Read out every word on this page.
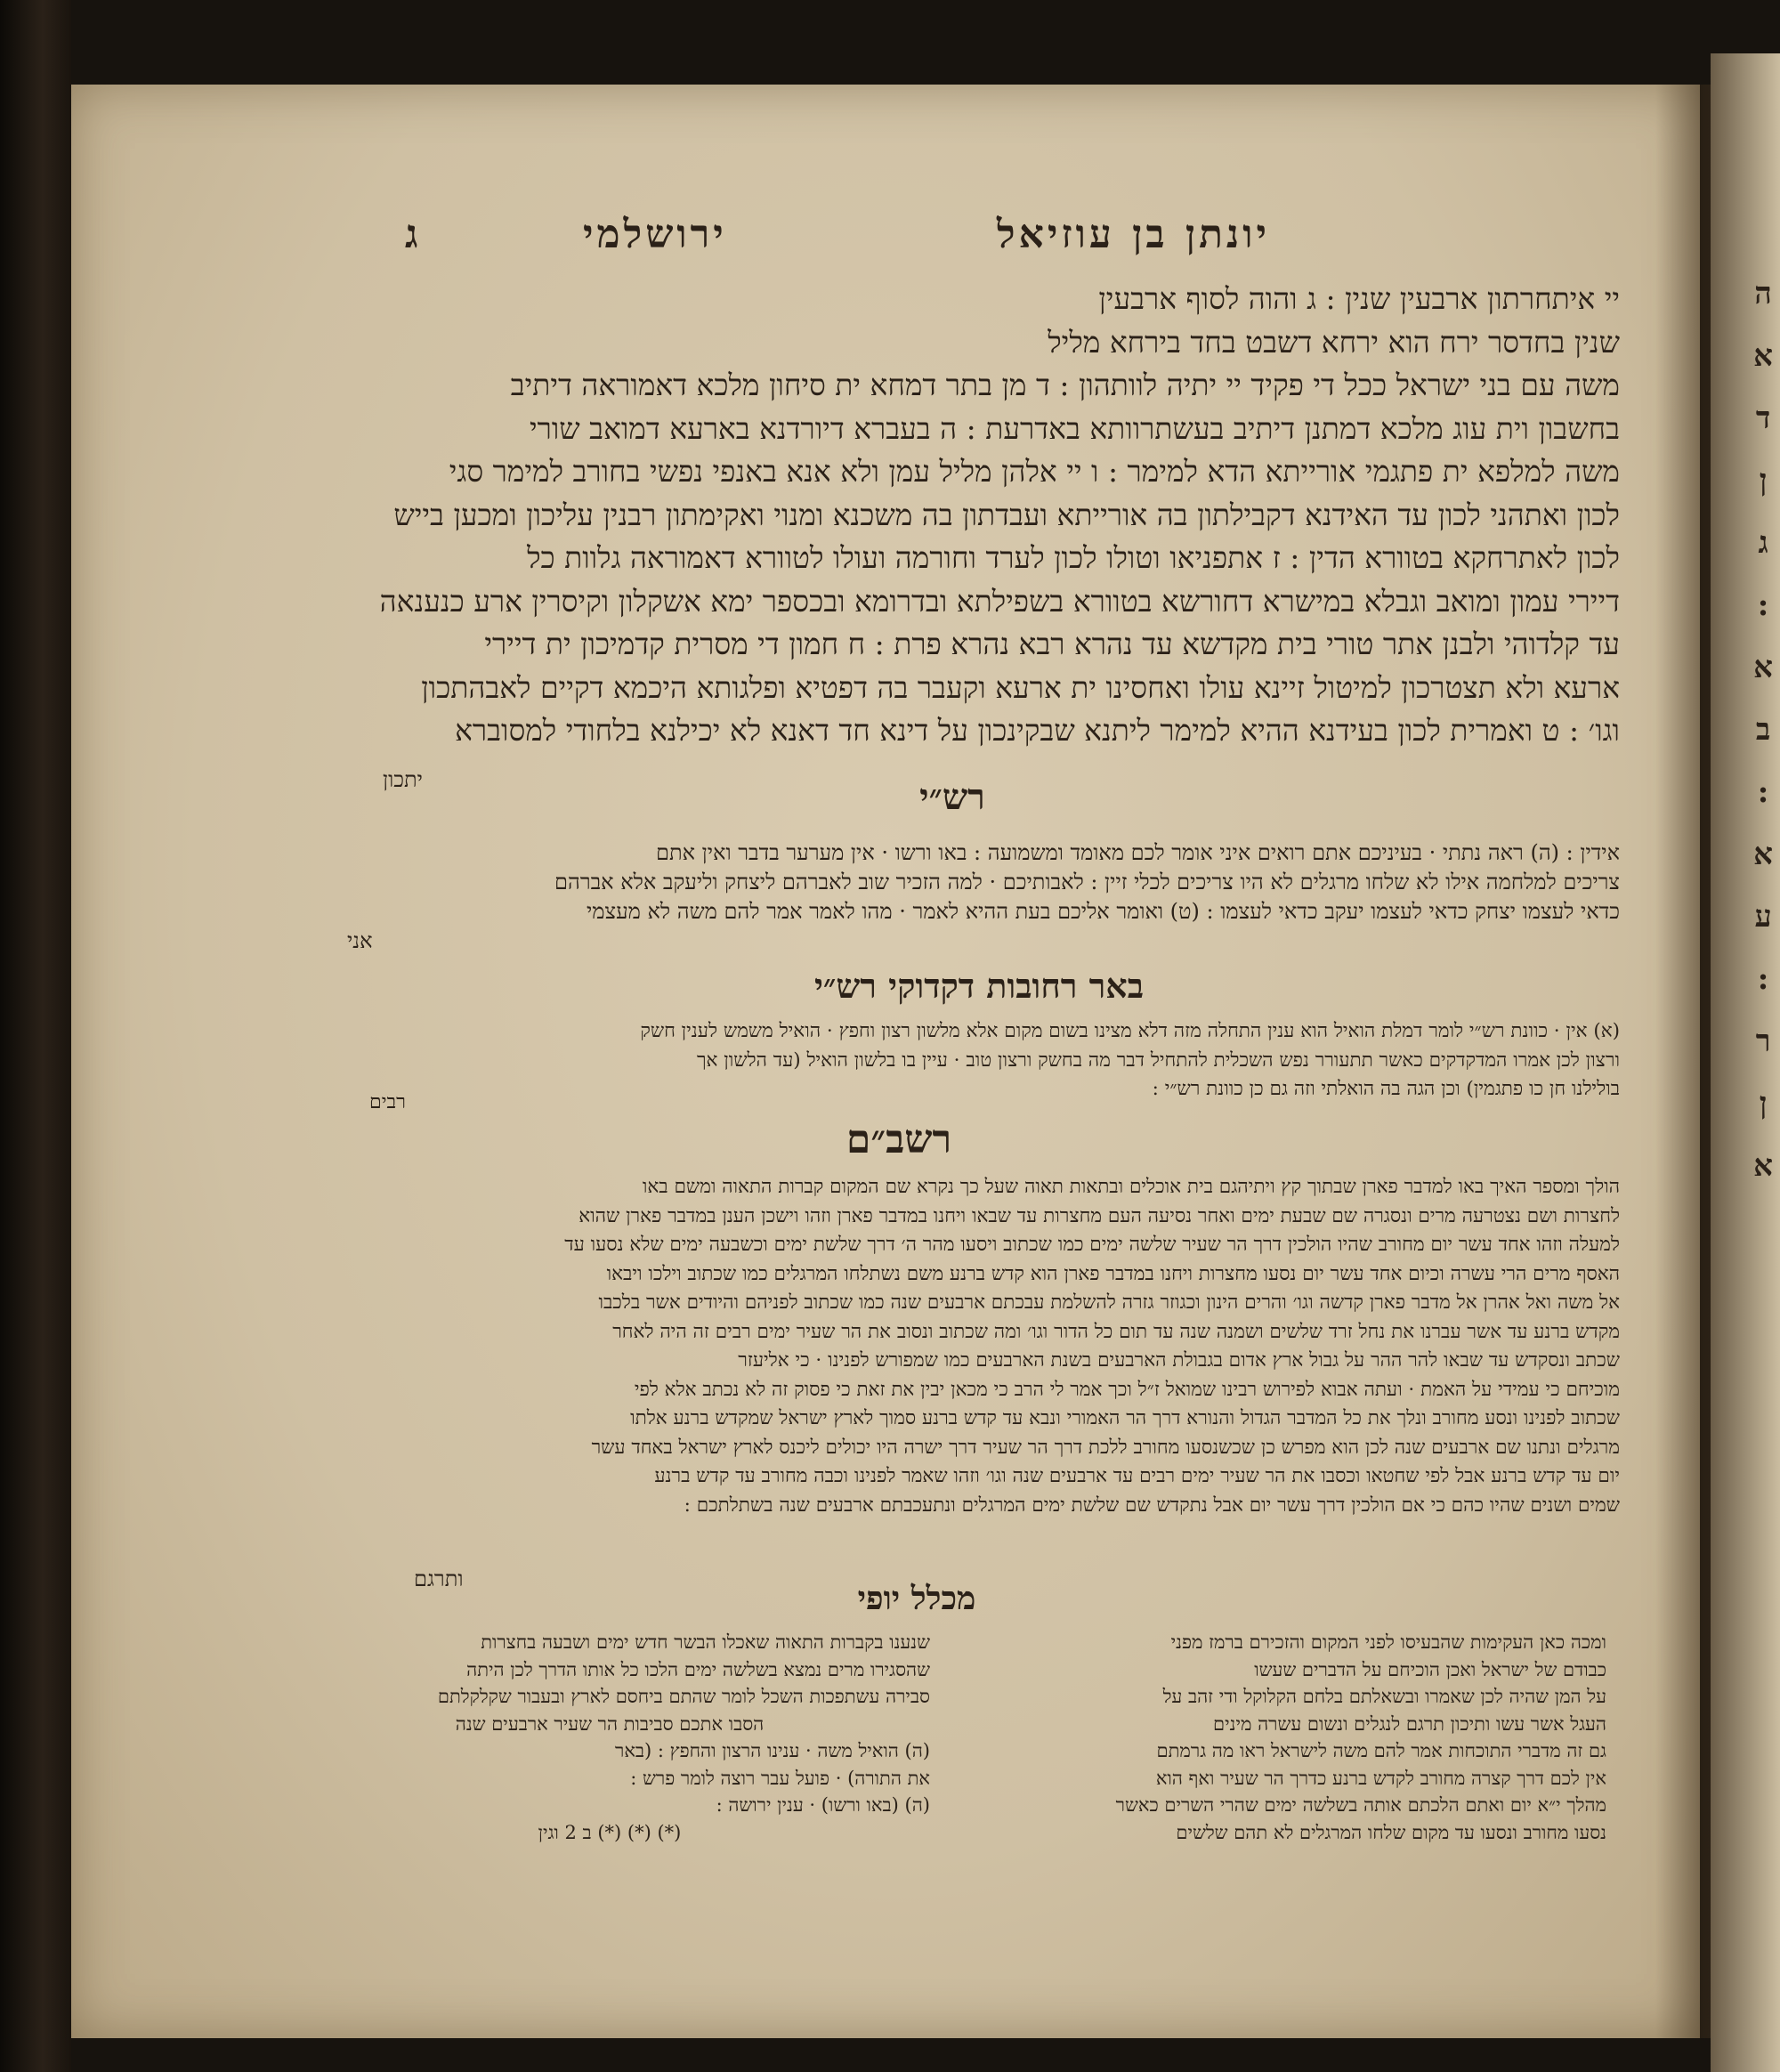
יונתן בן עוזיאל
ירושלמי
ג

יי איתחרתון ארבעין שנין : ג והוה לסוף ארבעין

שנין בחדסר ירח הוא ירחא דשבט בחד בירחא מליל

משה עם בני ישראל ככל די פקיד יי יתיה לוותהון : ד מן בתר דמחא ית סיחון מלכא דאמוראה דיתיב

בחשבון וית עוג מלכא דמתנן דיתיב בעשתרוותא באדרעת : ה בעברא דיורדנא בארעא דמואב שורי

משה למלפא ית פתגמי אורייתא הדא למימר : ו יי אלהן מליל עמן ולא אנא באנפי נפשי בחורב למימר סגי

לכון ואתהני לכון עד האידנא דקבילתון בה אורייתא ועבדתון בה משכנא ומנוי ואקימתון רבנין עליכון ומכען בייש

לכון לאתרחקא בטוורא הדין : ז אתפניאו וטולו לכון לערד וחורמה ועולו לטוורא דאמוראה גלוות כל

דיירי עמון ומואב וגבלא במישרא דחורשא בטוורא בשפילתא ובדרומא ובכספר ימא אשקלון וקיסרין ארע כנענאה

עד קלדוהי ולבנן אתר טורי בית מקדשא עד נהרא רבא נהרא פרת : ח חמון די מסרית קדמיכון ית דיירי

ארעא ולא תצטרכון למיטול זיינא עולו ואחסינו ית ארעא וקעבר בה דפטיא ופלגותא היכמא דקיים לאבהתכון

וגו׳ : ט ואמרית לכון בעידנא ההיא למימר ליתנא שבקינכון על דינא חד דאנא לא יכילנא בלחודי למסוברא

יתכון	רש״י

אידין : (ה) ראה נתתי · בעיניכם אתם רואים איני אומר לכם מאומד ומשמועה : באו ורשו · אין מערער בדבר ואין אתם

צריכים למלחמה אילו לא שלחו מרגלים לא היו צריכים לכלי זיין : לאבותיכם · למה הזכיר שוב לאברהם ליצחק וליעקב אלא אברהם

כדאי לעצמו יצחק כדאי לעצמו יעקב כדאי לעצמו : (ט) ואומר אליכם בעת ההיא לאמר · מהו לאמר אמר להם משה לא מעצמי

אני

באר רחובות דקדוקי רש״י

(א) אין · כוונת רש״י לומר דמלת הואיל הוא ענין התחלה מזה דלא מצינו בשום מקום אלא מלשון רצון וחפץ · הואיל משמש לענין חשק

ורצון לכן אמרו המדקדקים כאשר תתעורר נפש השכלית להתחיל דבר מה בחשק ורצון טוב · עיין בו בלשון הואיל (עד הלשון אך

בולילנו חן כו פתגמין) וכן הגה בה הואלתי וזה גם כן כוונת רש״י :

רבים
רשב״ם

הולך ומספר האיך באו למדבר פארן שבתוך קץ ויתיהגם בית אוכלים ובתאות תאוה שעל כך נקרא שם המקום קברות התאוה ומשם באו

לחצרות ושם נצטרעה מרים ונסגרה שם שבעת ימים ואחר נסיעה העם מחצרות עד שבאו ויחנו במדבר פארן וזהו וישכן הענן במדבר פארן שהוא

למעלה וזהו אחד עשר יום מחורב שהיו הולכין דרך הר שעיר שלשה ימים כמו שכתוב ויסעו מהר ה׳ דרך שלשת ימים וכשבעה ימים שלא נסעו עד

האסף מרים הרי עשרה וכיום אחד עשר יום נסעו מחצרות ויחנו במדבר פארן הוא קדש ברנע משם נשתלחו המרגלים כמו שכתוב וילכו ויבאו

אל משה ואל אהרן אל מדבר פארן קדשה וגו׳ והרים הינון וכגוזר גזרה להשלמת עבכתם ארבעים שנה כמו שכתוב לפניהם והיודים אשר בלכבו

מקדש ברנע עד אשר עברנו את נחל זרד שלשים ושמנה שנה עד תום כל הדור וגו׳ ומה שכתוב ונסוב את הר שעיר ימים רבים זה היה לאחר

שכתב ונסקדש עד שבאו להר ההר על גבול ארץ אדום בגבולת הארבעים בשנת הארבעים כמו שמפורש לפנינו · כי אליעזר

מוכיחם כי עמידי על האמת · ועתה אבוא לפירוש רבינו שמואל ז״ל וכך אמר לי הרב כי מכאן יבין את זאת כי פסוק זה לא נכתב אלא לפי

שכתוב לפנינו ונסע מחורב ונלך את כל המדבר הגדול והנורא דרך הר האמורי ונבא עד קדש ברנע סמוך לארץ ישראל שמקדש ברנע אלתו

מרגלים ונתנו שם ארבעים שנה לכן הוא מפרש כן שכשנסעו מחורב ללכת דרך הר שעיר דרך ישרה היו יכולים ליכנס לארץ ישראל באחד עשר

יום עד קדש ברנע אבל לפי שחטאו וכסבו את הר שעיר ימים רבים עד ארבעים שנה וגו׳ וזהו שאמר לפנינו וכבה מחורב עד קדש ברנע

שמים ושנים שהיו כהם כי אם הולכין דרך עשר יום אבל נתקדש שם שלשת ימים המרגלים ונתעכבתם ארבעים שנה בשתלתכם :

ותרגם
מכלל יופי

ומכה כאן העקימות שהבעיסו לפני המקום והזכירם ברמז מפני

כבודם של ישראל ואכן הוכיחם על הדברים שעשו

על המן שהיה לכן שאמרו ובשאלתם בלחם הקלוקל ודי זהב על

העגל אשר עשו ותיכון תרגם לנגלים ונשום עשרה מינים

גם זה מדברי התוכחות אמר להם משה לישראל ראו מה גרמתם

אין לכם דרך קצרה מחורב לקדש ברנע כדרך הר שעיר ואף הוא

מהלך י״א יום ואתם הלכתם אותה בשלשה ימים שהרי השרים כאשר

נסעו מחורב ונסעו עד מקום שלחו המרגלים לא תהם שלשים

שנענו בקברות התאוה שאכלו הבשר חדש ימים ושבעה בחצרות

שהסגירו מרים נמצא בשלשה ימים הלכו כל אותו הדרך לכן היתה

סבירה עשתפכות השכל לומר שהתם ביחסם לארץ ובעבור שקלקלתם

הסבו אתכם סביבות הר שעיר ארבעים שנה

(ה) הואיל משה · ענינו הרצון והחפץ : (באר

את התורה) · פועל עבר רוצה לומר פרש :

(ה) (באו ורשו) · ענין ירושה :

(*) (*) (*) ב 2 וגין

ה
א
ד
ן
ג
:
א
ב
:
א
ע
:
ר
ן
א
